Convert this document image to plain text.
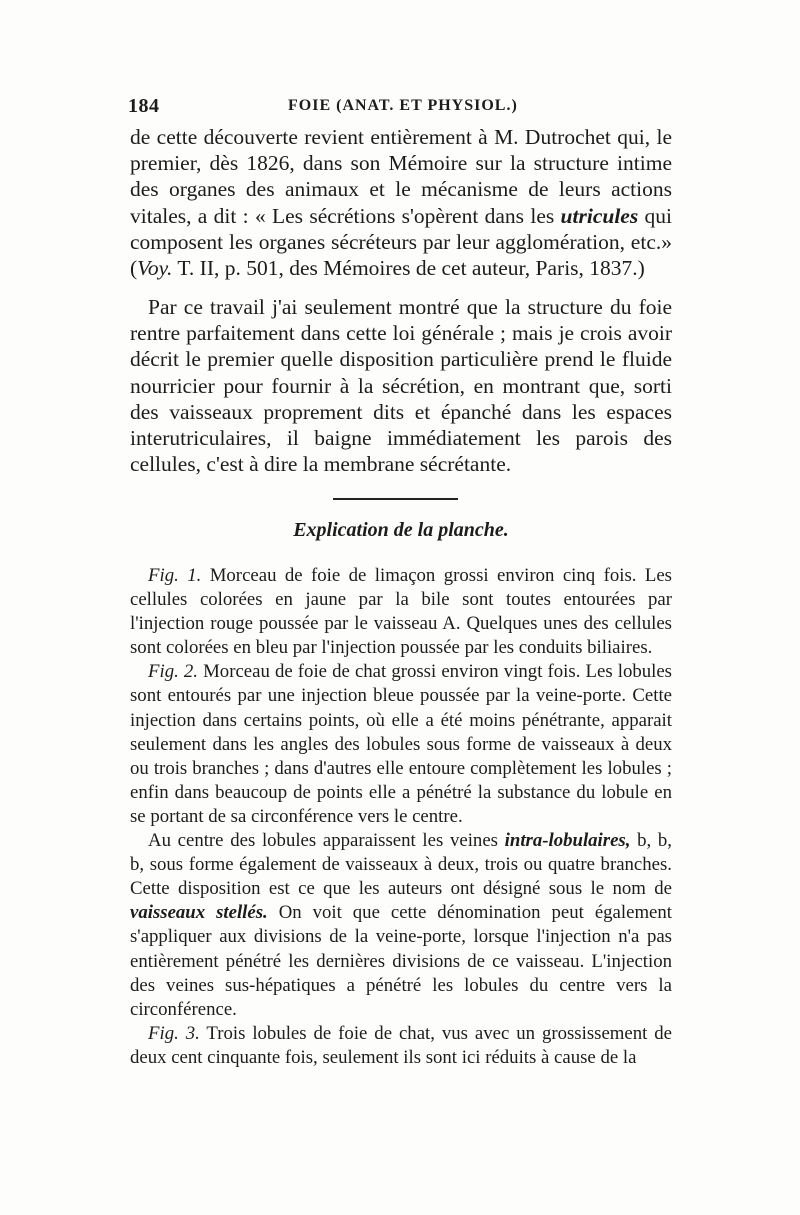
184	FOIE (ANAT. ET PHYSIOL.)

de cette découverte revient entièrement à M. Dutrochet qui, le premier, dès 1826, dans son Mémoire sur la structure intime des organes des animaux et le mécanisme de leurs actions vitales, a dit : « Les sécrétions s'opèrent dans les utricules qui composent les organes sécréteurs par leur agglomération, etc.» (Voy. T. II, p. 501, des Mémoires de cet auteur, Paris, 1837.)

Par ce travail j'ai seulement montré que la structure du foie rentre parfaitement dans cette loi générale ; mais je crois avoir décrit le premier quelle disposition particulière prend le fluide nourricier pour fournir à la sécrétion, en montrant que, sorti des vaisseaux proprement dits et épanché dans les espaces interutriculaires, il baigne immédiatement les parois des cellules, c'est à dire la membrane sécrétante.

Explication de la planche.

Fig. 1. Morceau de foie de limaçon grossi environ cinq fois. Les cellules colorées en jaune par la bile sont toutes entourées par l'injection rouge poussée par le vaisseau A. Quelques unes des cellules sont colorées en bleu par l'injection poussée par les conduits biliaires.

Fig. 2. Morceau de foie de chat grossi environ vingt fois. Les lobules sont entourés par une injection bleue poussée par la veine-porte. Cette injection dans certains points, où elle a été moins pénétrante, apparait seulement dans les angles des lobules sous forme de vaisseaux à deux ou trois branches ; dans d'autres elle entoure complètement les lobules ; enfin dans beaucoup de points elle a pénétré la substance du lobule en se portant de sa circonférence vers le centre.

Au centre des lobules apparaissent les veines intra-lobulaires, b, b, b, sous forme également de vaisseaux à deux, trois ou quatre branches. Cette disposition est ce que les auteurs ont désigné sous le nom de vaisseaux stellés. On voit que cette dénomination peut également s'appliquer aux divisions de la veine-porte, lorsque l'injection n'a pas entièrement pénétré les dernières divisions de ce vaisseau. L'injection des veines sus-hépatiques a pénétré les lobules du centre vers la circonférence.

Fig. 3. Trois lobules de foie de chat, vus avec un grossissement de deux cent cinquante fois, seulement ils sont ici réduits à cause de la
